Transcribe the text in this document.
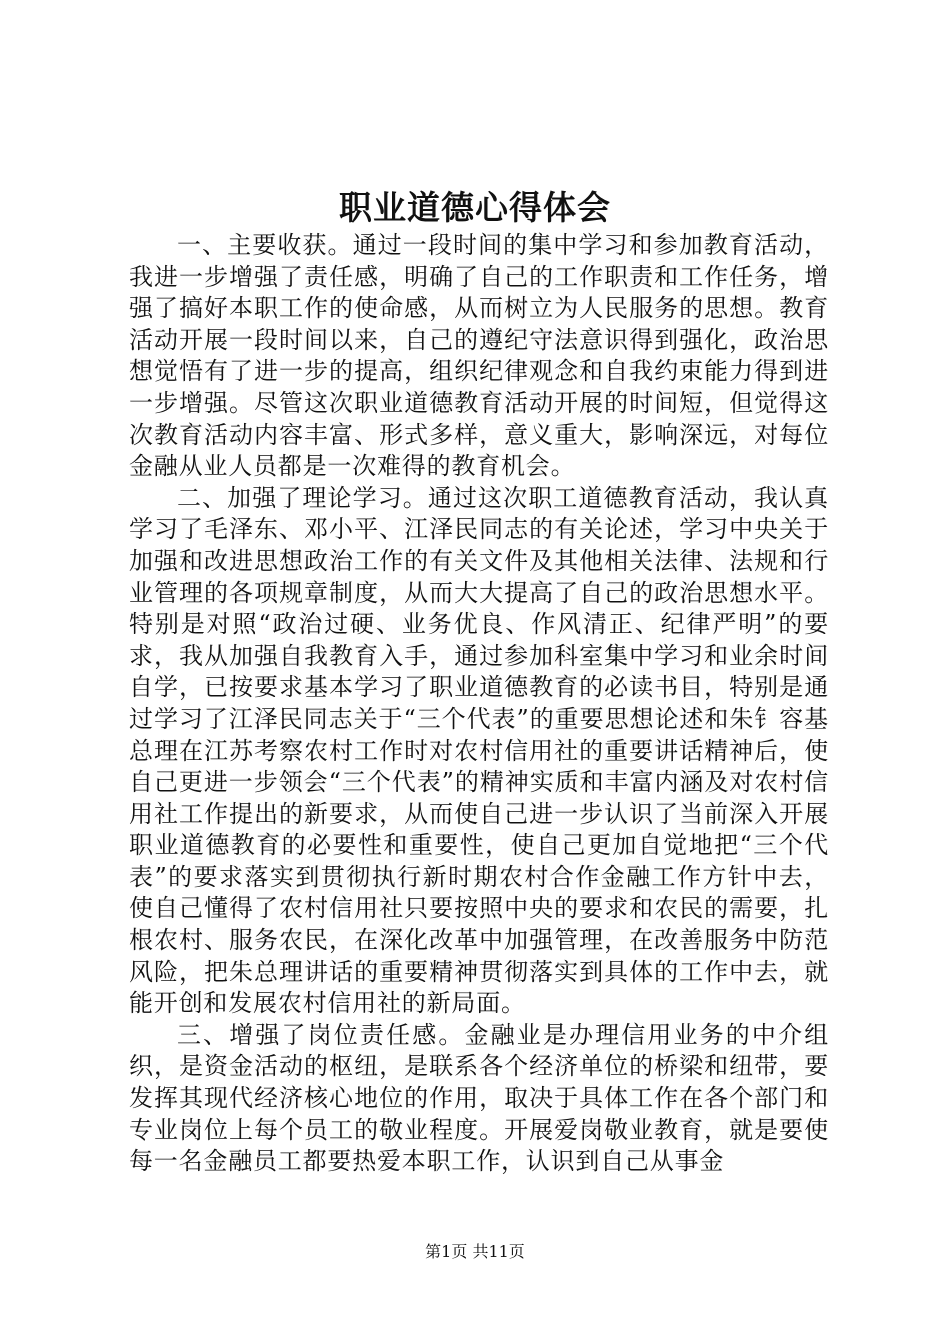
职业道德心得体会

一、主要收获。通过一段时间的集中学习和参加教育活动，我进一步增强了责任感，明确了自己的工作职责和工作任务，增强了搞好本职工作的使命感，从而树立为人民服务的思想。教育活动开展一段时间以来，自己的遵纪守法意识得到强化，政治思想觉悟有了进一步的提高，组织纪律观念和自我约束能力得到进一步增强。尽管这次职业道德教育活动开展的时间短，但觉得这次教育活动内容丰富、形式多样，意义重大，影响深远，对每位金融从业人员都是一次难得的教育机会。

二、加强了理论学习。通过这次职工道德教育活动，我认真学习了毛泽东、邓小平、江泽民同志的有关论述，学习中央关于加强和改进思想政治工作的有关文件及其他相关法律、法规和行业管理的各项规章制度，从而大大提高了自己的政治思想水平。特别是对照“政治过硬、业务优良、作风清正、纪律严明”的要求，我从加强自我教育入手，通过参加科室集中学习和业余时间自学，已按要求基本学习了职业道德教育的必读书目，特别是通过学习了江泽民同志关于“三个代表”的重要思想论述和朱钅容基总理在江苏考察农村工作时对农村信用社的重要讲话精神后，使自己更进一步领会“三个代表”的精神实质和丰富内涵及对农村信用社工作提出的新要求，从而使自己进一步认识了当前深入开展职业道德教育的必要性和重要性，使自己更加自觉地把“三个代表”的要求落实到贯彻执行新时期农村合作金融工作方针中去，使自己懂得了农村信用社只要按照中央的要求和农民的需要，扎根农村、服务农民，在深化改革中加强管理，在改善服务中防范风险，把朱总理讲话的重要精神贯彻落实到具体的工作中去，就能开创和发展农村信用社的新局面。

三、增强了岗位责任感。金融业是办理信用业务的中介组织，是资金活动的枢纽，是联系各个经济单位的桥梁和纽带，要发挥其现代经济核心地位的作用，取决于具体工作在各个部门和专业岗位上每个员工的敬业程度。开展爱岗敬业教育，就是要使每一名金融员工都要热爱本职工作，认识到自己从事金

第1页 共11页
